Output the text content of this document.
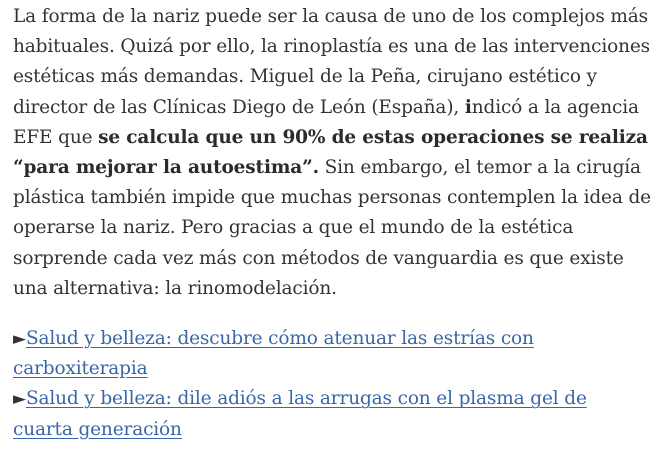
La forma de la nariz puede ser la causa de uno de los complejos más habituales. Quizá por ello, la rinoplastía es una de las intervenciones estéticas más demandas. Miguel de la Peña, cirujano estético y director de las Clínicas Diego de León (España), indicó a la agencia EFE que se calcula que un 90% de estas operaciones se realiza “para mejorar la autoestima”. Sin embargo, el temor a la cirugía plástica también impide que muchas personas contemplen la idea de operarse la nariz. Pero gracias a que el mundo de la estética sorprende cada vez más con métodos de vanguardia es que existe una alternativa: la rinomodelación.

►Salud y belleza: descubre cómo atenuar las estrías con carboxiterapia

►Salud y belleza: dile adiós a las arrugas con el plasma gel de cuarta generación
